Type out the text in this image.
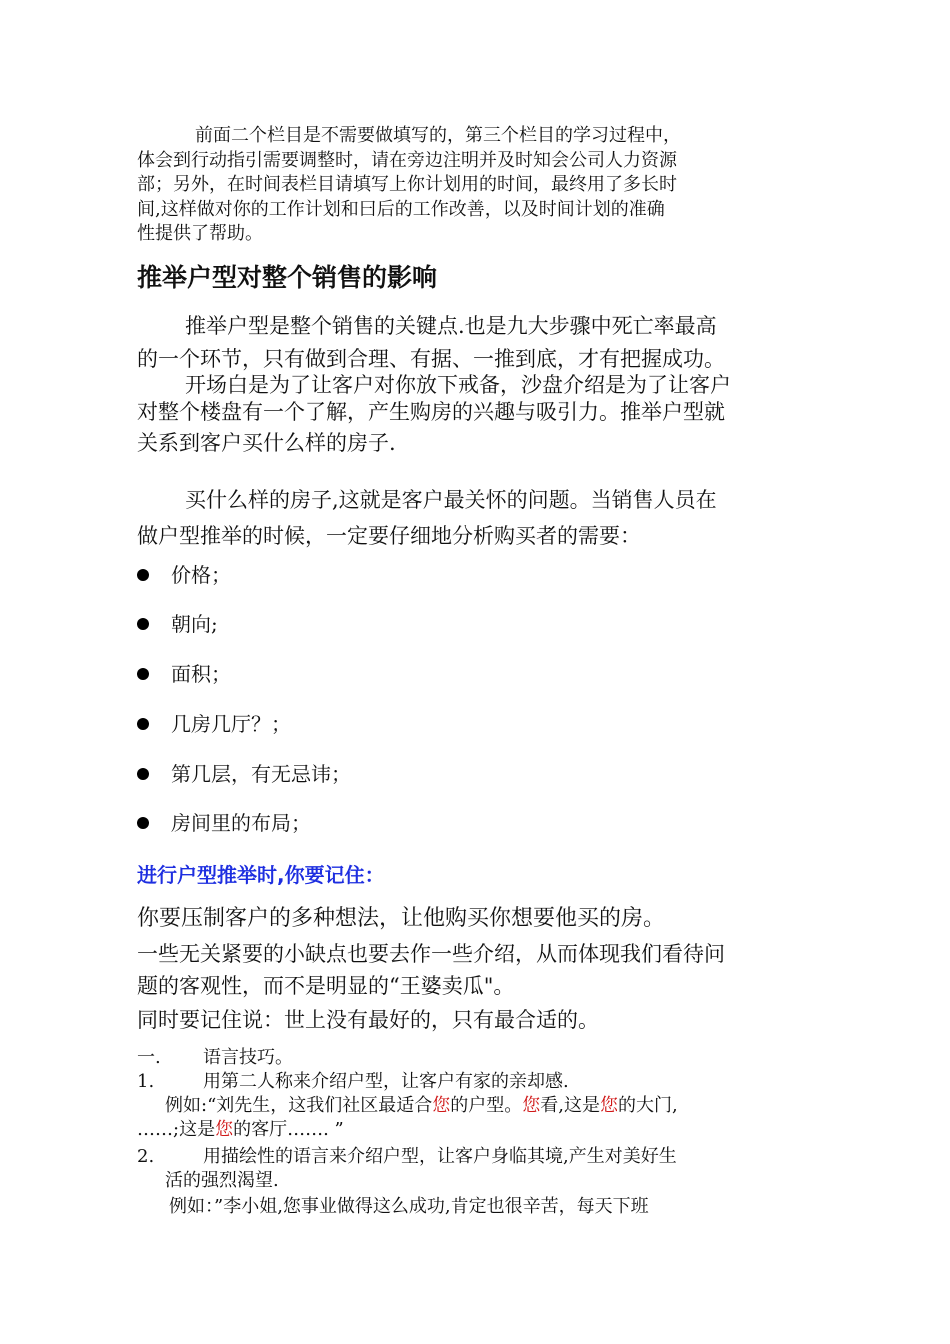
前面二个栏目是不需要做填写的，第三个栏目的学习过程中，
体会到行动指引需要调整时，请在旁边注明并及时知会公司人力资源
部；另外，在时间表栏目请填写上你计划用的时间，最终用了多长时
间,这样做对你的工作计划和曰后的工作改善，以及时间计划的准确
性提供了帮助。
推举户型对整个销售的影响
推举户型是整个销售的关键点.也是九大步骤中死亡率最高
的一个环节，只有做到合理、有据、一推到底，才有把握成功。
开场白是为了让客户对你放下戒备，沙盘介绍是为了让客户
对整个楼盘有一个了解，产生购房的兴趣与吸引力。推举户型就
关系到客户买什么样的房子.
买什么样的房子,这就是客户最关怀的问题。当销售人员在
做户型推举的时候，一定要仔细地分析购买者的需要：
价格；
朝向;
面积；
几房几厅？；
第几层，有无忌讳；
房间里的布局；
进行户型推举时,你要记住：
你要压制客户的多种想法，让他购买你想要他买的房。
一些无关紧要的小缺点也要去作一些介绍，从而体现我们看待问
题的客观性，而不是明显的“王婆卖瓜"。
同时要记住说：世上没有最好的，只有最合适的。
一. 语言技巧。
1.	用第二人称来介绍户型，让客户有家的亲却感.
例如:“刘先生，这我们社区最适合您的户型。您看,这是您的大门,
……;这是您的客厅……. ”
2.	用描绘性的语言来介绍户型，让客户身临其境,产生对美好生
活的强烈渴望.
例如：”李小姐,您事业做得这么成功,肯定也很辛苦，每天下班
